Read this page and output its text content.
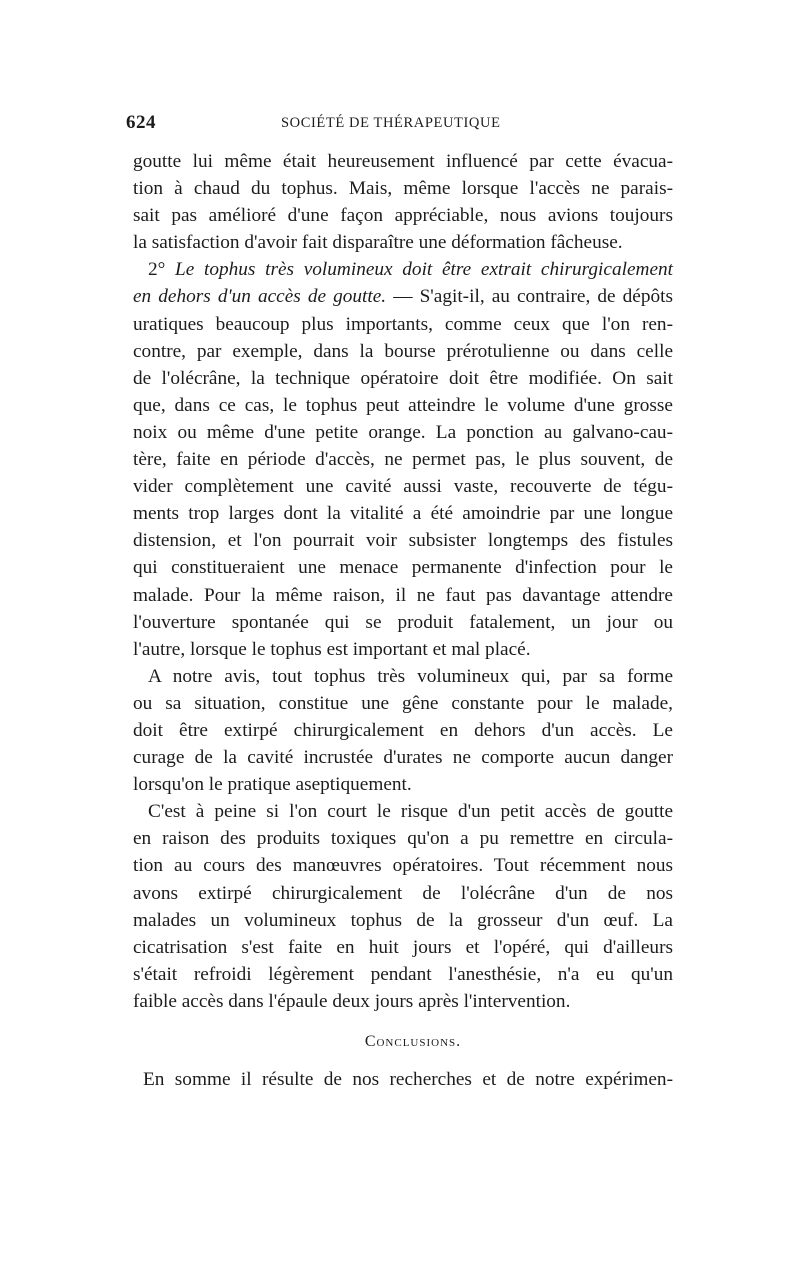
624	SOCIÉTÉ DE THÉRAPEUTIQUE
goutte lui même était heureusement influencé par cette évacua-
tion à chaud du tophus. Mais, même lorsque l'accès ne parais-
sait pas amélioré d'une façon appréciable, nous avions toujours
la satisfaction d'avoir fait disparaître une déformation fâcheuse.
2° Le tophus très volumineux doit être extrait chirurgicalement
en dehors d'un accès de goutte. — S'agit-il, au contraire, de dépôts
uratiques beaucoup plus importants, comme ceux que l'on ren-
contre, par exemple, dans la bourse prérotulienne ou dans celle
de l'olécrâne, la technique opératoire doit être modifiée. On sait
que, dans ce cas, le tophus peut atteindre le volume d'une grosse
noix ou même d'une petite orange. La ponction au galvano-cau-
tère, faite en période d'accès, ne permet pas, le plus souvent, de
vider complètement une cavité aussi vaste, recouverte de tégu-
ments trop larges dont la vitalité a été amoindrie par une longue
distension, et l'on pourrait voir subsister longtemps des fistules
qui constitueraient une menace permanente d'infection pour le
malade. Pour la même raison, il ne faut pas davantage attendre
l'ouverture spontanée qui se produit fatalement, un jour ou
l'autre, lorsque le tophus est important et mal placé.
A notre avis, tout tophus très volumineux qui, par sa forme
ou sa situation, constitue une gêne constante pour le malade,
doit être extirpé chirurgicalement en dehors d'un accès. Le
curage de la cavité incrustée d'urates ne comporte aucun danger
lorsqu'on le pratique aseptiquement.
C'est à peine si l'on court le risque d'un petit accès de goutte
en raison des produits toxiques qu'on a pu remettre en circula-
tion au cours des manœuvres opératoires. Tout récemment nous
avons extirpé chirurgicalement de l'olécrâne d'un de nos
malades un volumineux tophus de la grosseur d'un œuf. La
cicatrisation s'est faite en huit jours et l'opéré, qui d'ailleurs
s'était refroidi légèrement pendant l'anesthésie, n'a eu qu'un
faible accès dans l'épaule deux jours après l'intervention.
Conclusions.
En somme il résulte de nos recherches et de notre expérimen-
